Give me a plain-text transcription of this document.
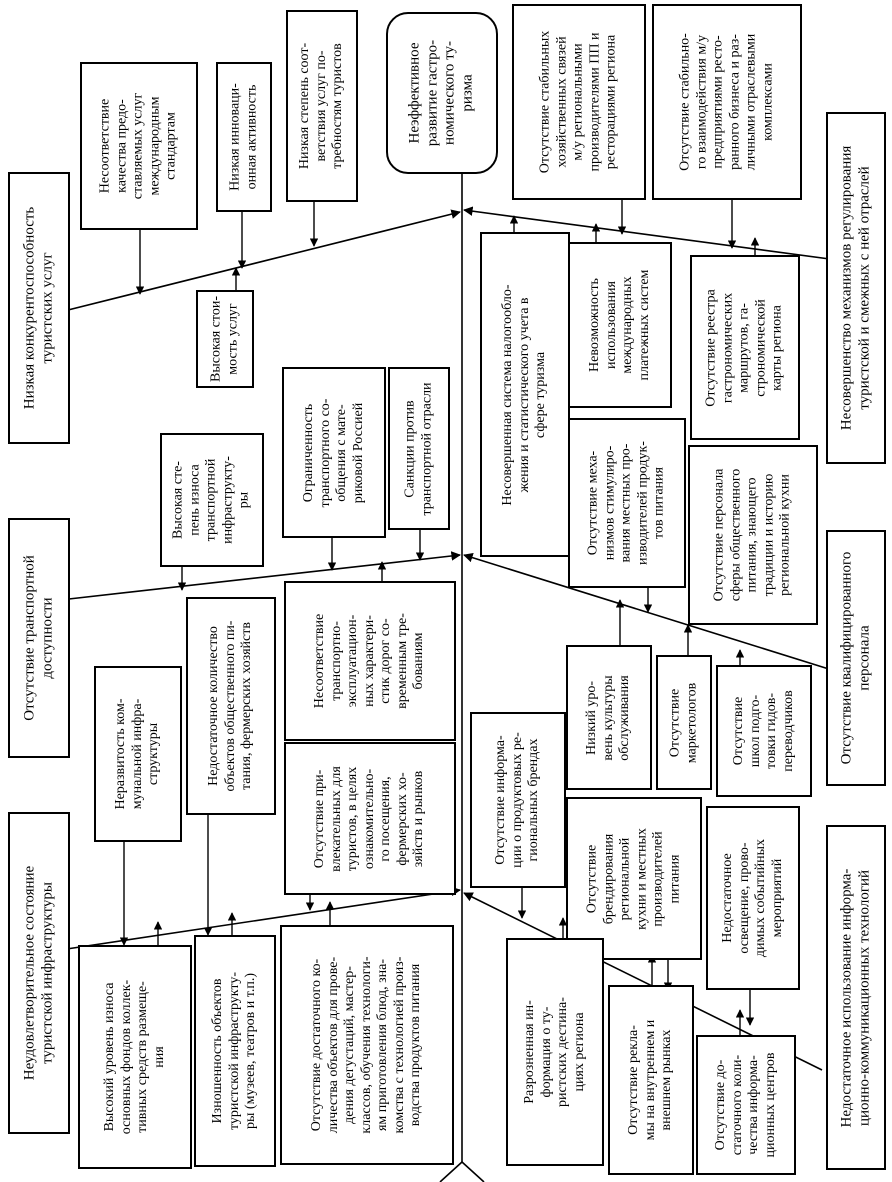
Неэффективное
развитие гастро-
номического ту-
ризма
Низкая конкурентоспособность
туристских услуг
Отсутствие транспортной
доступности
Неудовлетворительное состояние
туристской инфраструктуры
Несовершенство механизмов регулирования
туристской и смежных с ней отраслей
Отсутствие квалифицированного
персонала
Недостаточное использование информа-
ционно-коммуникационных технологий
Несоответствие
качества предо-
ставляемых услуг
международным
стандартам	Низкая инноваци-
онная активность	Низкая степень соот-
ветствия услуг по-
требностям туристов
Высокая стои-
мость услуг
Высокая сте-
пень износа
транспортной
инфраструкту-
ры	Ограниченность
транспортного со-
общения с мате-
риковой Россией
Санкции против
транспортной отрасли
Несоответствие
транспортно-
эксплуатацион-
ных характери-
стик дорог со-
временным тре-
бованиям
Неразвитость ком-
мунальной инфра-
структуры	Недостаточное количество
объектов общественного пи-
тания, фермерских хозяйств
Отсутствие при-
влекательных для
туристов, в целях
ознакомительно-
го посещения,
фермерских хо-
зяйств и рынков
Высокий уровень износа
основных фондов коллек-
тивных средств размеще-
ния	Изношенность объектов
туристской инфраструкту-
ры (музеев, театров и т.п.)
Отсутствие достаточного ко-
личества объектов для прове-
дения дегустаций, мастер-
классов, обучения технологи-
ям приготовления блюд, зна-
комства с технологией произ-
водства продуктов питания
Отсутствие стабильных
хозяйственных связей
м/у региональными
производителями ПП и
ресторациями региона
Отсутствие стабильно-
го взаимодействия м/у
предприятиями ресто-
ранного бизнеса и раз-
личными отраслевыми
комплексами
Несовершенная система налогообло-
жения и статистического учета в
сфере туризма
Невозможность
использования
международных
платежных систем
Отсутствие реестра
гастрономических
маршрутов, га-
строномической
карты региона
Отсутствие меха-
низмов стимулиро-
вания местных про-
изводителей продук-
тов питания
Отсутствие персонала
сферы общественного
питания, знающего
традиции и историю
региональной кухни
Низкий уро-
вень культуры
обслуживания	Отсутствие
маркетологов Отсутствие
школ подго-
товки гидов-
переводчиков
Отсутствие информа-
ции о продуктовых ре-
гиональных брендах
Отсутствие
брендирования
региональной
кухни и местных
производителей
питания	Недостаточное
освещение, прово-
димых событийных
мероприятий
Разрозненная ин-
формация о ту-
ристских дестина-
циях региона
Отсутствие рекла-
мы на внутреннем и
внешнем рынках
Отсутствие до-
статочного коли-
чества информа-
ционных центров
